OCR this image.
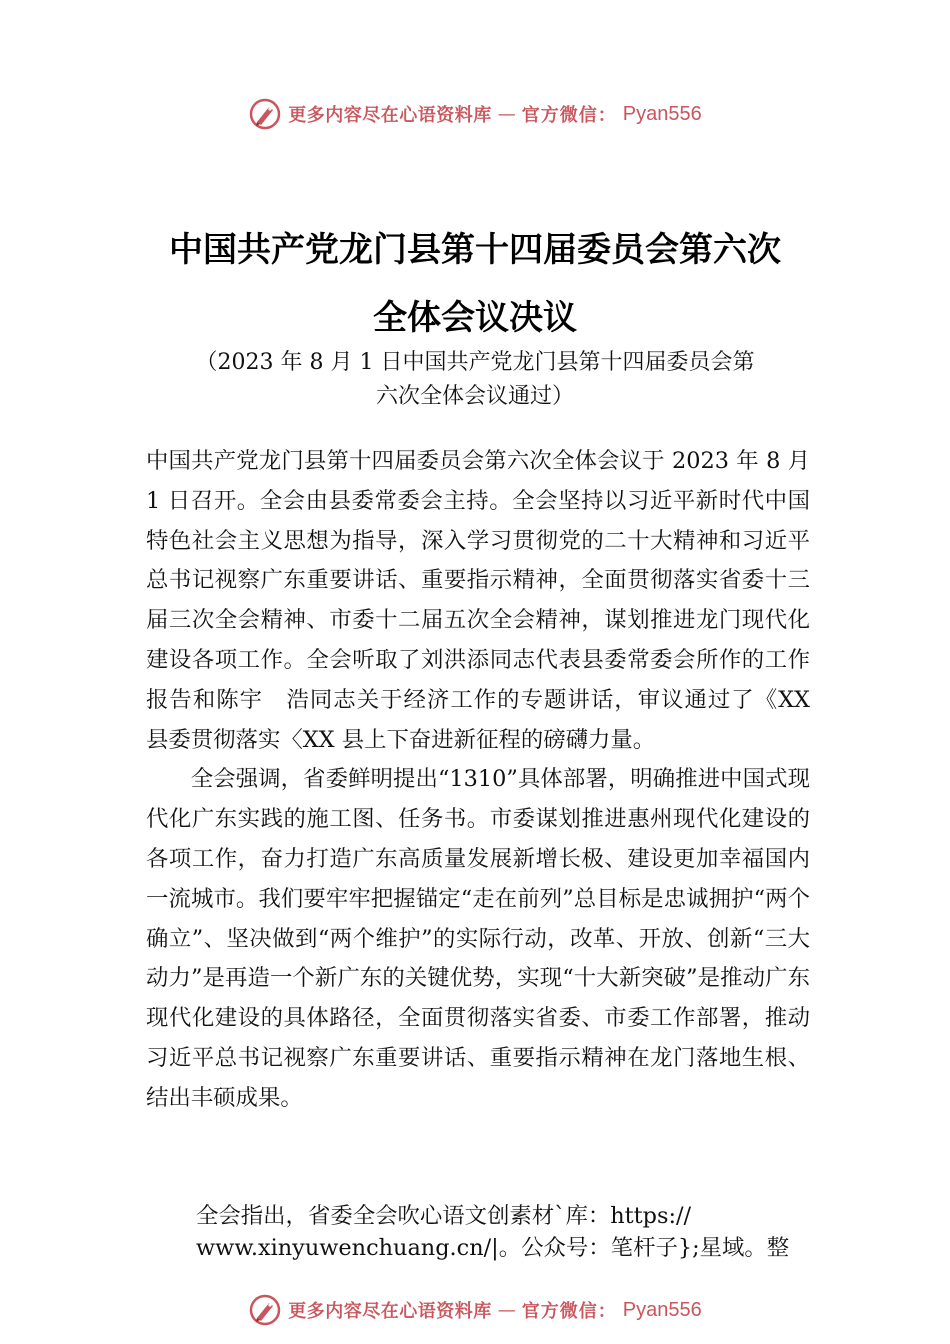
更多内容尽在心语资料库 — 官方微信： Pyan556
中国共产党龙门县第十四届委员会第六次
全体会议决议
（2023 年 8 月 1 日中国共产党龙门县第十四届委员会第
六次全体会议通过）

中国共产党龙门县第十四届委员会第六次全体会议于 2023 年 8 月 1 日召开。全会由县委常委会主持。全会坚持以习近平新时代中国特色社会主义思想为指导，深入学习贯彻党的二十大精神和习近平总书记视察广东重要讲话、重要指示精神，全面贯彻落实省委十三届三次全会精神、市委十二届五次全会精神，谋划推进龙门现代化建设各项工作。全会听取了刘洪添同志代表县委常委会所作的工作报告和陈宇　浩同志关于经济工作的专题讲话，审议通过了《XX 县委贯彻落实〈XX 县上下奋进新征程的磅礴力量。

全会强调，省委鲜明提出“1310”具体部署，明确推进中国式现代化广东实践的施工图、任务书。市委谋划推进惠州现代化建设的各项工作，奋力打造广东高质量发展新增长极、建设更加幸福国内一流城市。我们要牢牢把握锚定“走在前列”总目标是忠诚拥护“两个确立”、坚决做到“两个维护”的实际行动，改革、开放、创新“三大动力”是再造一个新广东的关键优势，实现“十大新突破”是推动广东现代化建设的具体路径，全面贯彻落实省委、市委工作部署，推动习近平总书记视察广东重要讲话、重要指示精神在龙门落地生根、结出丰硕成果。

全会指出，省委全会吹心语文创素材`库：https://
www.xinyuwenchuang.cn/|。公众号：笔杆子};星域。整
更多内容尽在心语资料库 — 官方微信： Pyan556
